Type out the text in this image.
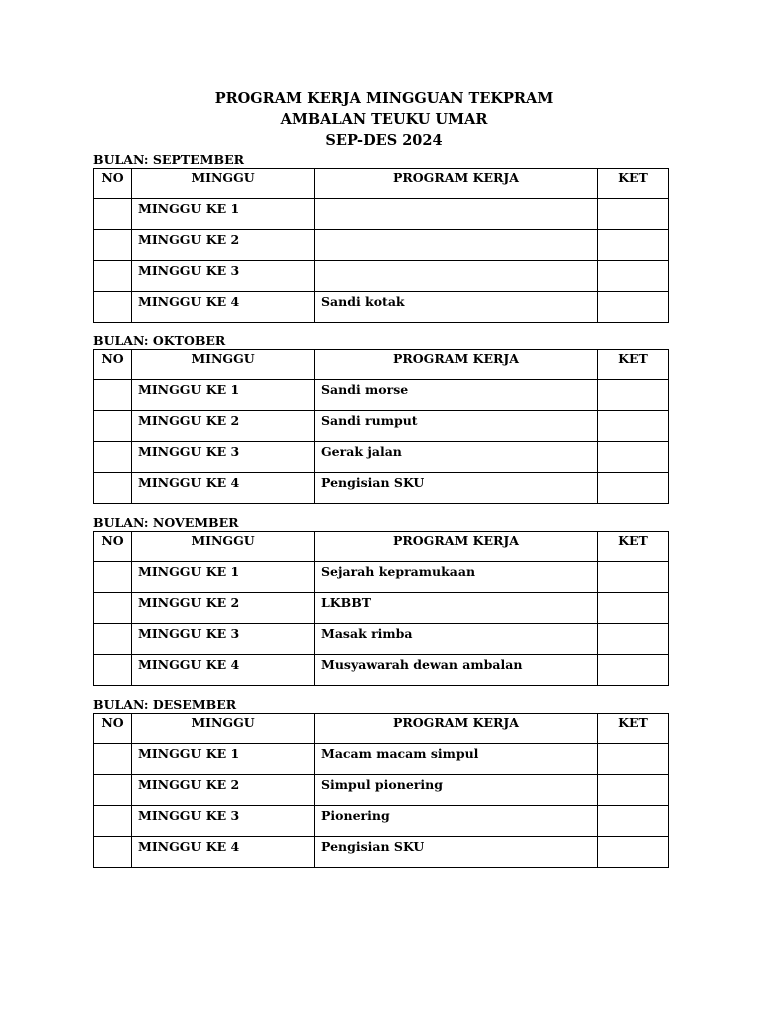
PROGRAM KERJA MINGGUAN TEKPRAM
AMBALAN TEUKU UMAR
SEP-DES 2024
BULAN: SEPTEMBER
NO	MINGGU	PROGRAM KERJA	KET
	MINGGU KE 1		
	MINGGU KE 2		
	MINGGU KE 3		
	MINGGU KE 4	Sandi kotak	
BULAN: OKTOBER
NO	MINGGU	PROGRAM KERJA	KET
	MINGGU KE 1	Sandi morse	
	MINGGU KE 2	Sandi rumput	
	MINGGU KE 3	Gerak jalan	
	MINGGU KE 4	Pengisian SKU	
BULAN: NOVEMBER
NO	MINGGU	PROGRAM KERJA	KET
	MINGGU KE 1	Sejarah kepramukaan	
	MINGGU KE 2	LKBBT	
	MINGGU KE 3	Masak rimba	
	MINGGU KE 4	Musyawarah dewan ambalan	
BULAN: DESEMBER
NO	MINGGU	PROGRAM KERJA	KET
	MINGGU KE 1	Macam macam simpul	
	MINGGU KE 2	Simpul pionering	
	MINGGU KE 3	Pionering	
	MINGGU KE 4	Pengisian SKU	
